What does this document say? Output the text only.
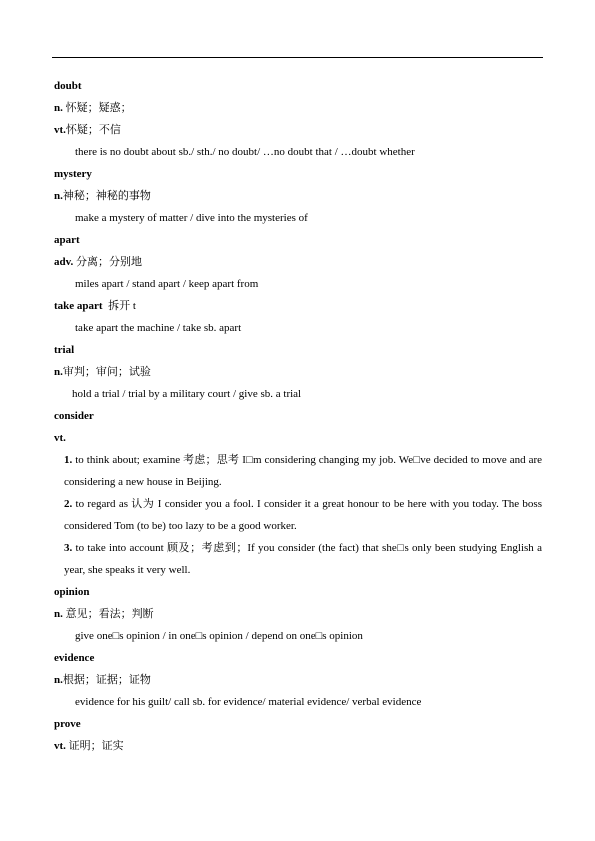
doubt
n. 怀疑；疑惑；
vt.怀疑；不信
there is no doubt about sb./ sth./ no doubt/ …no doubt that / …doubt whether
mystery
n.神秘；神秘的事物
make a mystery of matter / dive into the mysteries of
apart
adv. 分离；分别地
miles apart / stand apart / keep apart from
take apart 拆开 t
take apart the machine / take sb. apart
trial
n.审判；审问；试验
hold a trial / trial by a military court / give sb. a trial
consider
vt.
1. to think about; examine 考虑；思考 I□m considering changing my job. We□ve decided to move and are considering a new house in Beijing.
2. to regard as 认为 I consider you a fool. I consider it a great honour to be here with you today. The boss considered Tom (to be) too lazy to be a good worker.
3. to take into account 顾及；考虑到；If you consider (the fact) that she□s only been studying English a year, she speaks it very well.
opinion
n. 意见；看法；判断
give one□s opinion / in one□s opinion / depend on one□s opinion
evidence
n.根据；证据；证物
evidence for his guilt/ call sb. for evidence/ material evidence/ verbal evidence
prove
vt. 证明；证实
